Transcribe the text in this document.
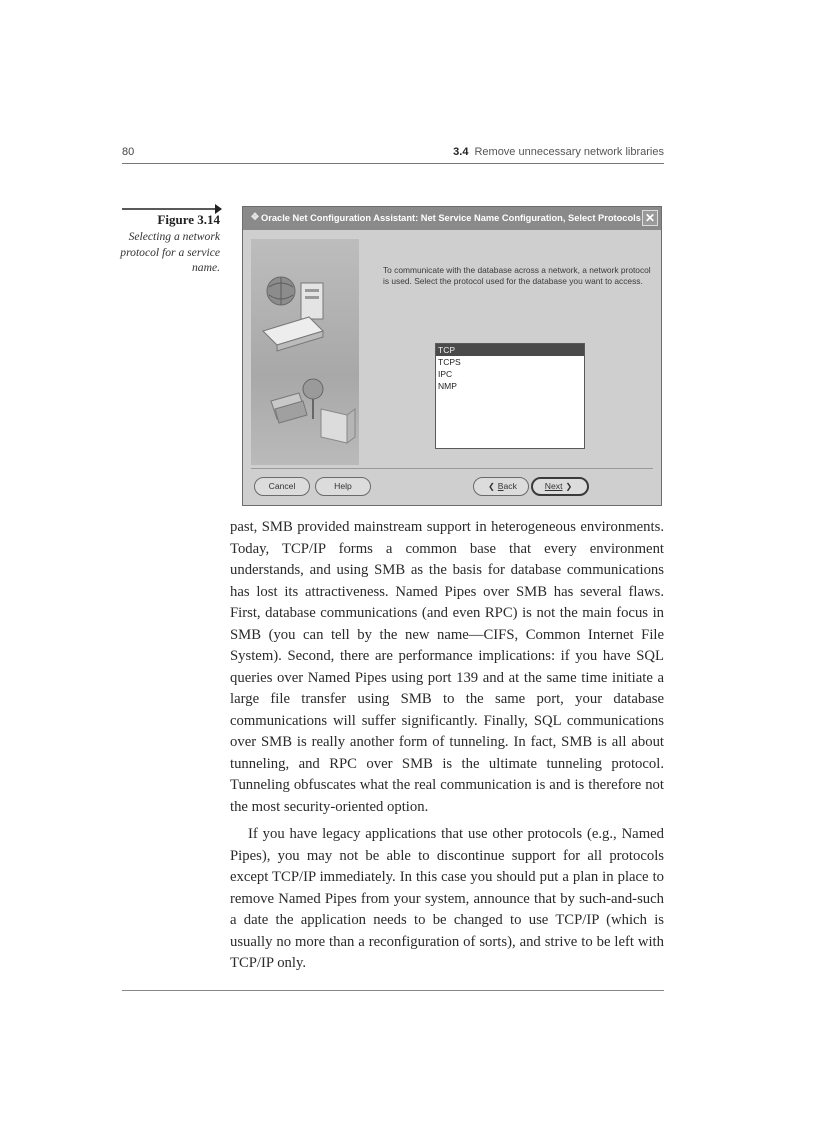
80	3.4 Remove unnecessary network libraries
Figure 3.14
Selecting a network protocol for a service name.
❖ Oracle Net Configuration Assistant: Net Service Name Configuration, Select Protocols ✕
To communicate with the database across a network, a network protocol is used. Select the protocol used for the database you want to access.
TCP
TCPS
IPC
NMP
Cancel	Help	❮ Back	Next ❯

past, SMB provided mainstream support in heterogeneous environments. Today, TCP/IP forms a common base that every environment understands, and using SMB as the basis for database communications has lost its attractiveness. Named Pipes over SMB has several flaws. First, database communications (and even RPC) is not the main focus in SMB (you can tell by the new name—CIFS, Common Internet File System). Second, there are performance implications: if you have SQL queries over Named Pipes using port 139 and at the same time initiate a large file transfer using SMB to the same port, your database communications will suffer significantly. Finally, SQL communications over SMB is really another form of tunneling. In fact, SMB is all about tunneling, and RPC over SMB is the ultimate tunneling protocol. Tunneling obfuscates what the real communication is and is therefore not the most security-oriented option.

If you have legacy applications that use other protocols (e.g., Named Pipes), you may not be able to discontinue support for all protocols except TCP/IP immediately. In this case you should put a plan in place to remove Named Pipes from your system, announce that by such-and-such a date the application needs to be changed to use TCP/IP (which is usually no more than a reconfiguration of sorts), and strive to be left with TCP/IP only.
